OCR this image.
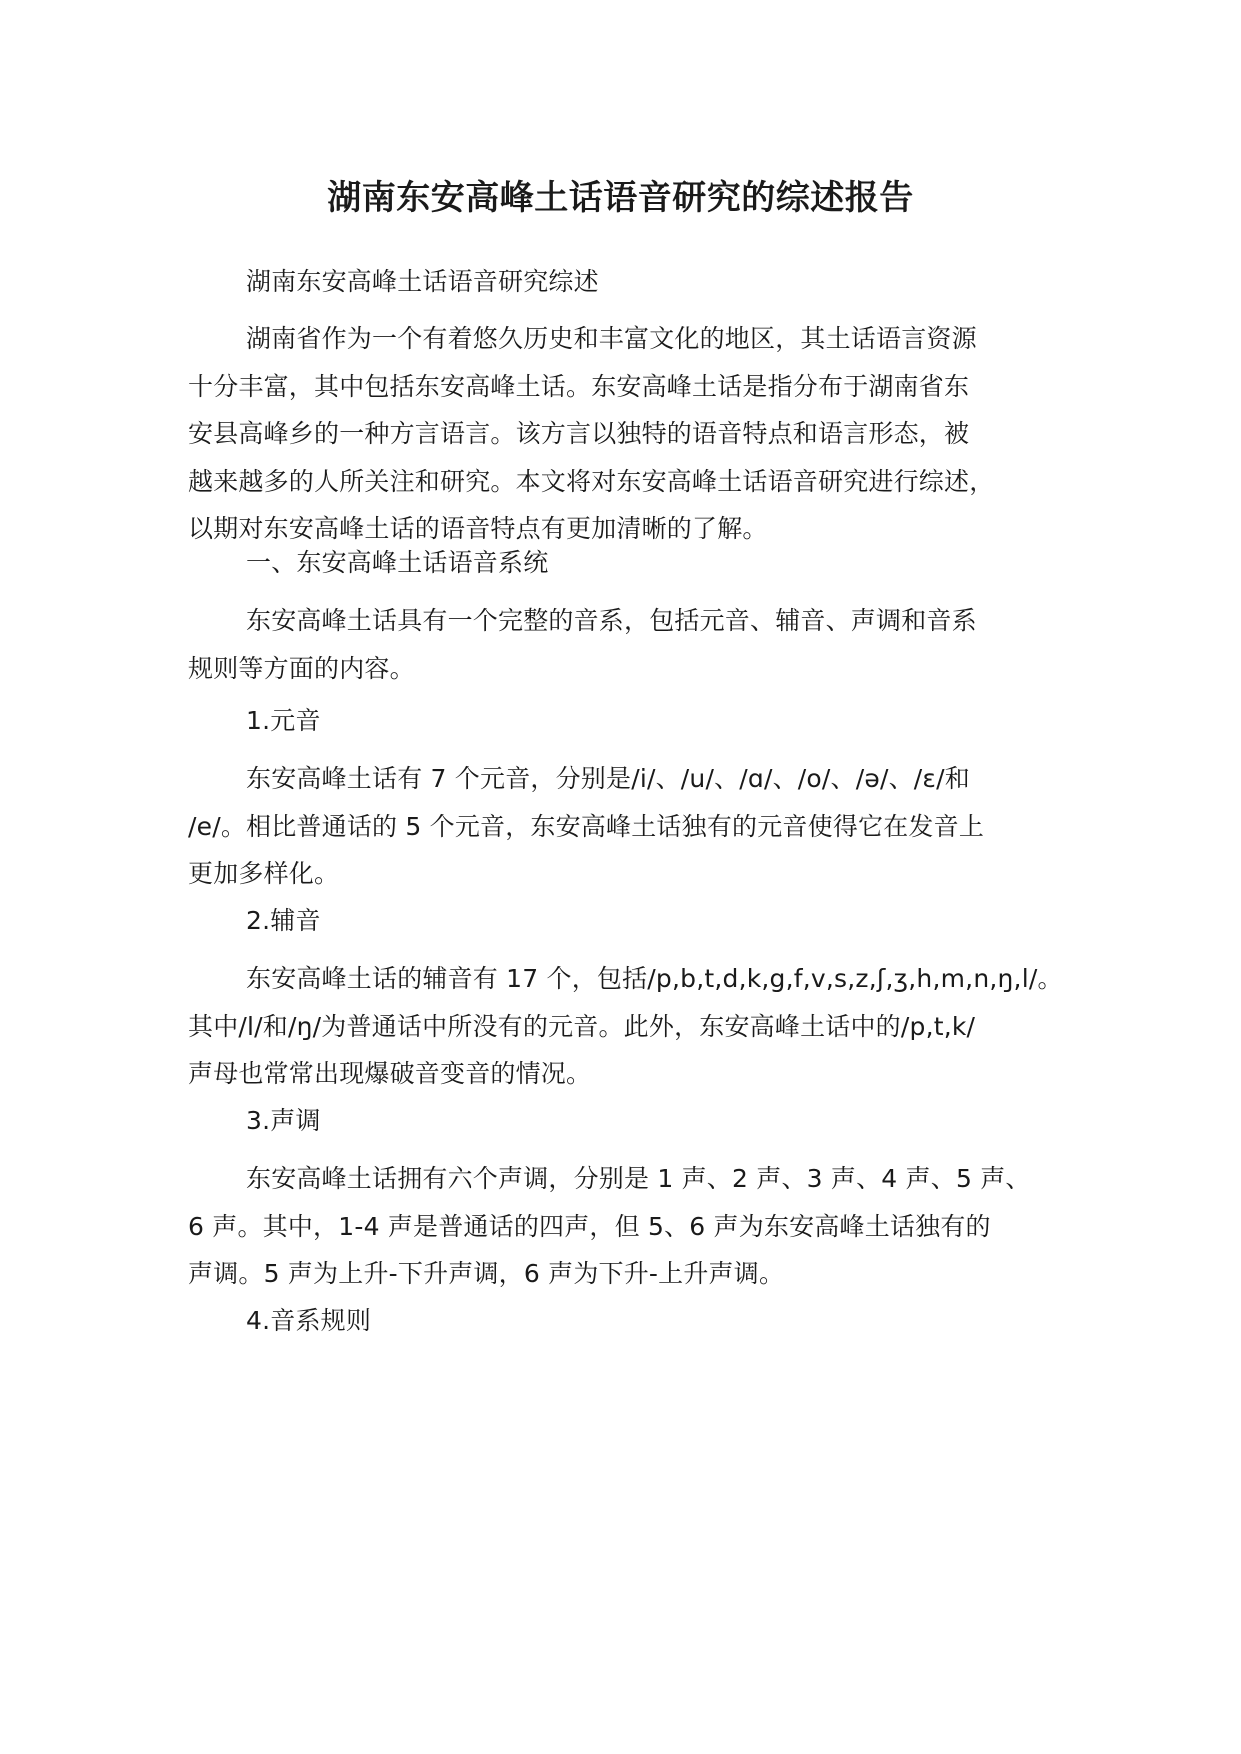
湖南东安高峰土话语音研究的综述报告
湖南东安高峰土话语音研究综述
湖南省作为一个有着悠久历史和丰富文化的地区，其土话语言资源
十分丰富，其中包括东安高峰土话。东安高峰土话是指分布于湖南省东
安县高峰乡的一种方言语言。该方言以独特的语音特点和语言形态，被
越来越多的人所关注和研究。本文将对东安高峰土话语音研究进行综述，
以期对东安高峰土话的语音特点有更加清晰的了解。
一、东安高峰土话语音系统
东安高峰土话具有一个完整的音系，包括元音、辅音、声调和音系
规则等方面的内容。
1.元音
东安高峰土话有 7 个元音，分别是/i/、/u/、/ɑ/、/o/、/ə/、/ɛ/和
/e/。相比普通话的 5 个元音，东安高峰土话独有的元音使得它在发音上
更加多样化。
2.辅音
东安高峰土话的辅音有 17 个，包括/p,b,t,d,k,g,f,v,s,z,ʃ,ʒ,h,m,n,ŋ,l/。
其中/l/和/ŋ/为普通话中所没有的元音。此外，东安高峰土话中的/p,t,k/
声母也常常出现爆破音变音的情况。
3.声调
东安高峰土话拥有六个声调，分别是 1 声、2 声、3 声、4 声、5 声、
6 声。其中，1-4 声是普通话的四声，但 5、6 声为东安高峰土话独有的
声调。5 声为上升-下升声调，6 声为下升-上升声调。
4.音系规则
